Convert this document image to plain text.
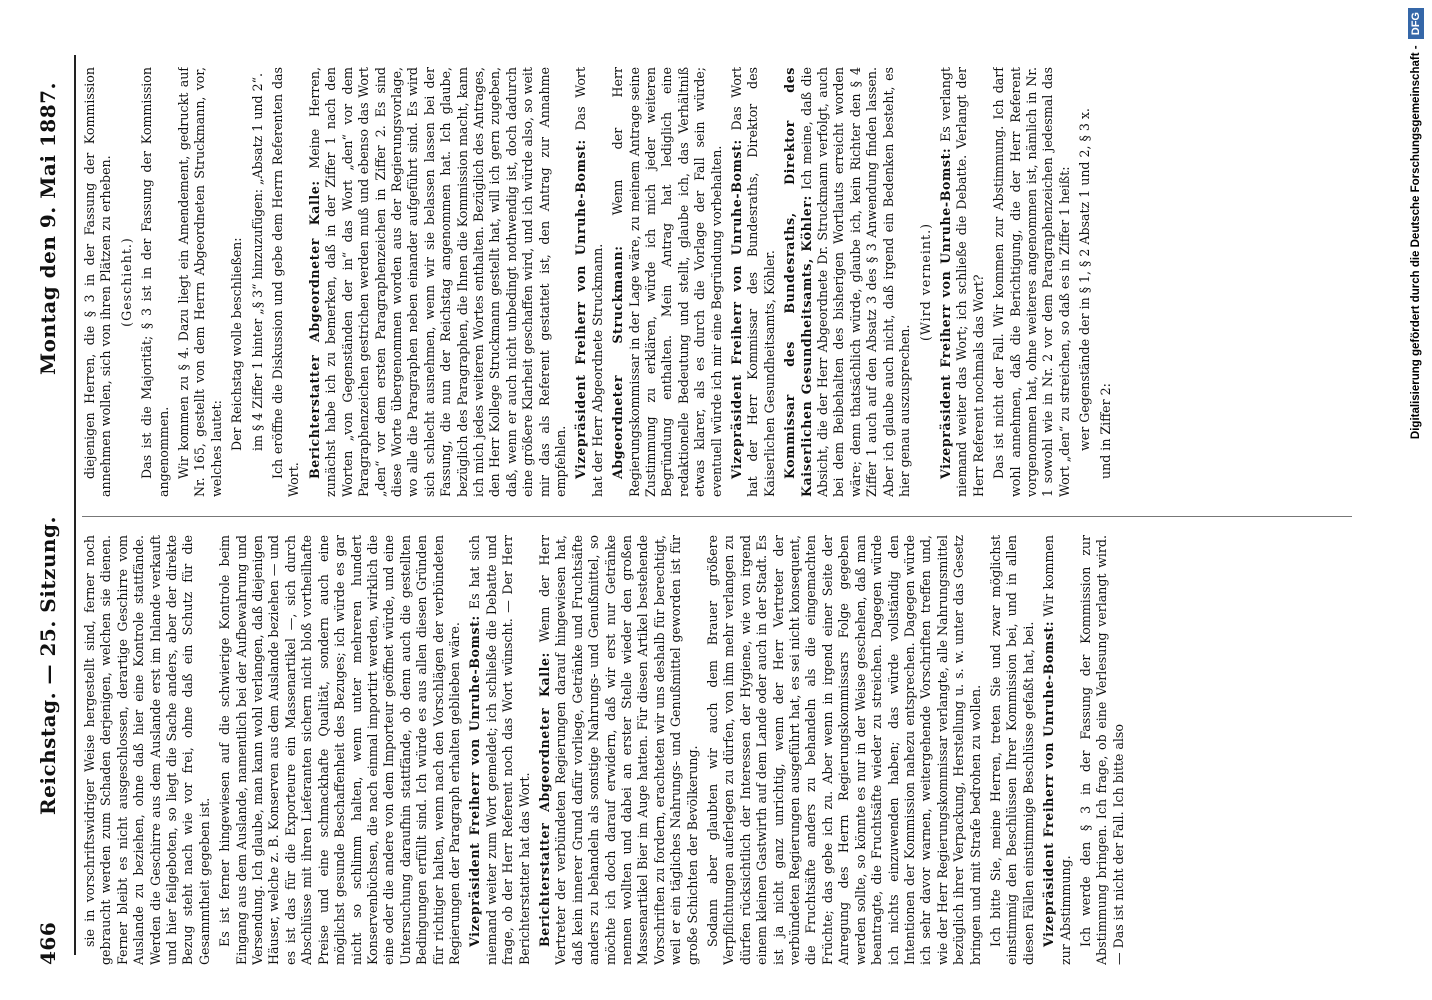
466
Reichstag. — 25. Sitzung.
Montag den 9. Mai 1887.

sie in vorschriftswidriger Weise hergestellt sind, ferner noch gebraucht werden zum Schaden derjenigen, welchen sie dienen. Ferner bleibt es nicht ausgeschlossen, derartige Geschirre vom Auslande zu beziehen, ohne daß hier eine Kontrole stattfände. Werden die Geschirre aus dem Auslande erst im Inlande verkauft und hier feilgeboten, so liegt die Sache anders, aber der direkte Bezug steht nach wie vor frei, ohne daß ein Schutz für die Gesammtheit gegeben ist. Es ist ferner hingewiesen auf die schwierige Kontrole beim Eingang aus dem Auslande, namentlich bei der Aufbewahrung und Versendung. Ich glaube, man kann wohl verlangen, daß diejenigen Häuser, welche z. B. Konserven aus dem Auslande beziehen — und es ist das für die Exporteure ein Massenartikel —, sich durch Abschlüsse mit ihren Lieferanten sichern nicht bloß vortheilhafte Preise und eine schmackhafte Qualität, sondern auch eine möglichst gesunde Beschaffenheit des Bezuges; ich würde es gar nicht so schlimm halten, wenn unter mehreren hundert Konservenbüchsen, die nach einmal importirt werden, wirklich die eine oder die andere von dem Importeur geöffnet würde, und eine Untersuchung daraufhin stattfände, ob denn auch die gestellten Bedingungen erfüllt sind. Ich würde es aus allen diesen Gründen für richtiger halten, wenn nach den Vorschlägen der verbündeten Regierungen der Paragraph erhalten geblieben wäre. Vizepräsident Freiherr von Unruhe-Bomst: Es hat sich niemand weiter zum Wort gemeldet; ich schließe die Debatte und frage, ob der Herr Referent noch das Wort wünscht. — Der Herr Berichterstatter hat das Wort. Berichterstatter Abgeordneter Kalle: Wenn der Herr Vertreter der verbündeten Regierungen darauf hingewiesen hat, daß kein innerer Grund dafür vorliege, Getränke und Fruchtsäfte anders zu behandeln als sonstige Nahrungs- und Genußmittel, so möchte ich doch darauf erwidern, daß wir erst nur Getränke nennen wollten und dabei an erster Stelle wieder den großen Massenartikel Bier im Auge hatten. Für diesen Artikel bestehende Vorschriften zu fordern, erachteten wir uns deshalb für berechtigt, weil er ein tägliches Nahrungs- und Genußmittel geworden ist für große Schichten der Bevölkerung. Sodann aber glaubten wir auch dem Brauer größere Verpflichtungen auferlegen zu dürfen, von ihm mehr verlangen zu dürfen rücksichtlich der Interessen der Hygiene, wie von irgend einem kleinen Gastwirth auf dem Lande oder auch in der Stadt. Es ist ja nicht ganz unrichtig, wenn der Herr Vertreter der verbündeten Regierungen ausgeführt hat, es sei nicht konsequent, die Fruchtsäfte anders zu behandeln als die eingemachten Früchte; das gebe ich zu. Aber wenn in irgend einer Seite der Anregung des Herrn Regierungskommissars Folge gegeben werden sollte, so könnte es nur in der Weise geschehen, daß man beantragte, die Fruchtsäfte wieder zu streichen. Dagegen würde ich nichts einzuwenden haben; das würde vollständig den Intentionen der Kommission nahezu entsprechen. Dagegen würde ich sehr davor warnen, weitergehende Vorschriften treffen und, wie der Herr Regierungskommissar verlangte, alle Nahrungsmittel bezüglich ihrer Verpackung, Herstellung u. s. w. unter das Gesetz bringen und mit Strafe bedrohen zu wollen. Ich bitte Sie, meine Herren, treten Sie und zwar möglichst einstimmig den Beschlüssen Ihrer Kommission bei, und in allen diesen Fällen einstimmige Beschlüsse gefaßt hat, bei. Vizepräsident Freiherr von Unruhe-Bomst: Wir kommen zur Abstimmung. Ich werde den § 3 in der Fassung der Kommission zur Abstimmung bringen. Ich frage, ob eine Verlesung verlangt wird. — Das ist nicht der Fall. Ich bitte also

diejenigen Herren, die § 3 in der Fassung der Kommission annehmen wollen, sich von ihren Plätzen zu erheben. (Geschieht.) Das ist die Majorität; § 3 ist in der Fassung der Kommission angenommen. Wir kommen zu § 4. Dazu liegt ein Amendement, gedruckt auf Nr. 165, gestellt von dem Herrn Abgeordneten Struckmann, vor, welches lautet: Der Reichstag wolle beschließen: im § 4 Ziffer 1 hinter „§ 3“ hinzuzufügen: „Absatz 1 und 2“. Ich eröffne die Diskussion und gebe dem Herrn Referenten das Wort.

Berichterstatter Abgeordneter Kalle: Meine Herren, zunächst habe ich zu bemerken, daß in der Ziffer 1 nach den Worten „von Gegenständen der in“ das Wort „den“ vor dem Paragraphenzeichen gestrichen werden muß und ebenso das Wort „den“ vor dem ersten Paragraphenzeichen in Ziffer 2. Es sind diese Worte übergenommen worden aus der Regierungsvorlage, wo alle die Paragraphen neben einander aufgeführt sind. Es wird sich schlecht ausnehmen, wenn wir sie belassen lassen bei der Fassung, die nun der Reichstag angenommen hat. Ich glaube, bezüglich des Paragraphen, die Ihnen die Kommission macht, kann ich mich jedes weiteren Wortes enthalten. Bezüglich des Antrages, den Herr Kollege Struckmann gestellt hat, will ich gern zugeben, daß, wenn er auch nicht unbedingt nothwendig ist, doch dadurch eine größere Klarheit geschaffen wird, und ich würde also, so weit mir das als Referent gestattet ist, den Antrag zur Annahme empfehlen. Vizepräsident Freiherr von Unruhe-Bomst: Das Wort hat der Herr Abgeordnete Struckmann. Abgeordneter Struckmann: Wenn der Herr Regierungskommissar in der Lage wäre, zu meinem Antrage seine Zustimmung zu erklären, würde ich mich jeder weiteren Begründung enthalten. Mein Antrag hat lediglich eine redaktionelle Bedeutung und stellt, glaube ich, das Verhältniß etwas klarer, als es durch die Vorlage der Fall sein würde; eventuell würde ich mir eine Begründung vorbehalten. Vizepräsident Freiherr von Unruhe-Bomst: Das Wort hat der Herr Kommissar des Bundesraths, Direktor des Kaiserlichen Gesundheitsamts, Köhler. Kommissar des Bundesraths, Direktor des Kaiserlichen Gesundheitsamts, Köhler: Ich meine, daß die Absicht, die der Herr Abgeordnete Dr. Struckmann verfolgt, auch bei dem Beibehalten des bisherigen Wortlauts erreicht worden wäre; denn thatsächlich würde, glaube ich, kein Richter den § 4 Ziffer 1 auch auf den Absatz 3 des § 3 Anwendung finden lassen. Aber ich glaube auch nicht, daß irgend ein Bedenken besteht, es hier genau auszusprechen.

(Wird verneint.) Vizepräsident Freiherr von Unruhe-Bomst: Es verlangt niemand weiter das Wort; ich schließe die Debatte. Verlangt der Herr Referent nochmals das Wort? Das ist nicht der Fall. Wir kommen zur Abstimmung. Ich darf wohl annehmen, daß die Berichtigung, die der Herr Referent vorgenommen hat, ohne weiteres angenommen ist, nämlich in Nr. 1 sowohl wie in Nr. 2 vor dem Paragraphenzeichen jedesmal das Wort „den“ zu streichen, so daß es in Ziffer 1 heißt: wer Gegenstände der in § 1, § 2 Absatz 1 und 2, § 3 x. und in Ziffer 2:	Digitalisierung gefördert durch die Deutsche Forschungsgemeinschaft - DFG
